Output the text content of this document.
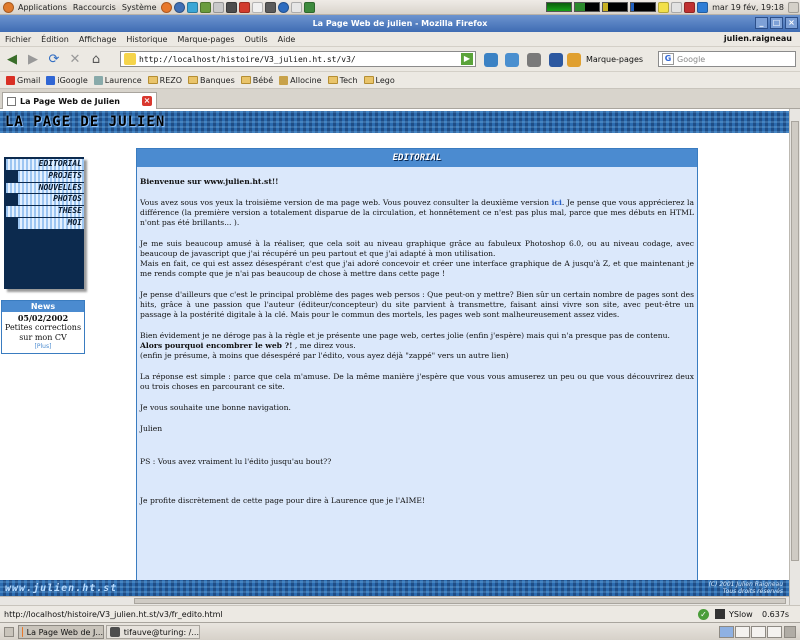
Applications Raccourcis Système	mar 19 fév, 19:18
La Page Web de julien - Mozilla Firefox	_	□ ×
Fichier	Édition	Affichage	Historique	Marque-pages	Outils	Aide	julien.raigneau
◀ ▶ ⟳ ✕ ⌂	http://localhost/histoire/V3_julien.ht.st/v3/	▶	Marque-pages	G Google
Gmail iGoogle Laurence REZO Banques Bébé Allocine Tech Lego
La Page Web de Julien	×
LA PAGE DE JULIEN
EDITORIAL
PROJETS
NOUVELLES
PHOTOS
THESE
MOI
News
05/02/2002
Petites corrections sur mon CV
[Plus]
EDITORIAL

Bienvenue sur www.julien.ht.st!!

Vous avez sous vos yeux la troisième version de ma page web. Vous pouvez consulter la deuxième version ici. Je pense que vous apprécierez la différence (la première version a totalement disparue de la circulation, et honnêtement ce n'est pas plus mal, parce que mes débuts en HTML n'ont pas été brillants... ).

Je me suis beaucoup amusé à la réaliser, que cela soit au niveau graphique grâce au fabuleux Photoshop 6.0, ou au niveau codage, avec beaucoup de javascript que j'ai récupéré un peu partout et que j'ai adapté à mon utilisation.
Mais en fait, ce qui est assez désespérant c'est que j'ai adoré concevoir et créer une interface graphique de A jusqu'à Z, et que maintenant je me rends compte que je n'ai pas beaucoup de chose à mettre dans cette page !

Je pense d'ailleurs que c'est le principal problème des pages web persos : Que peut-on y mettre? Bien sûr un certain nombre de pages sont des hits, grâce à une passion que l'auteur (éditeur/concepteur) du site parvient à transmettre, faisant ainsi vivre son site, avec peut-être un passage à la postérité digitale à la clé. Mais pour le commun des mortels, les pages web sont malheureusement assez vides.

Bien évidement je ne déroge pas à la règle et je présente une page web, certes jolie (enfin j'espère) mais qui n'a presque pas de contenu.
Alors pourquoi encombrer le web ?! , me direz vous.
(enfin je présume, à moins que désespéré par l'édito, vous ayez déjà "zappé" vers un autre lien)

La réponse est simple : parce que cela m'amuse. De la même manière j'espère que vous vous amuserez un peu ou que vous découvrirez deux ou trois choses en parcourant ce site.

Je vous souhaite une bonne navigation.

Julien

PS : Vous avez vraiment lu l'édito jusqu'au bout??

Je profite discrètement de cette page pour dire à Laurence que je l'AIME!

www.julien.ht.st	(C) 2001 Julien Raigneau
Tous droits réservés
http://localhost/histoire/V3_julien.ht.st/v3/fr_edito.html	✓	YSlow 0.637s
La Page Web de J...	tifauve@turing: /...
